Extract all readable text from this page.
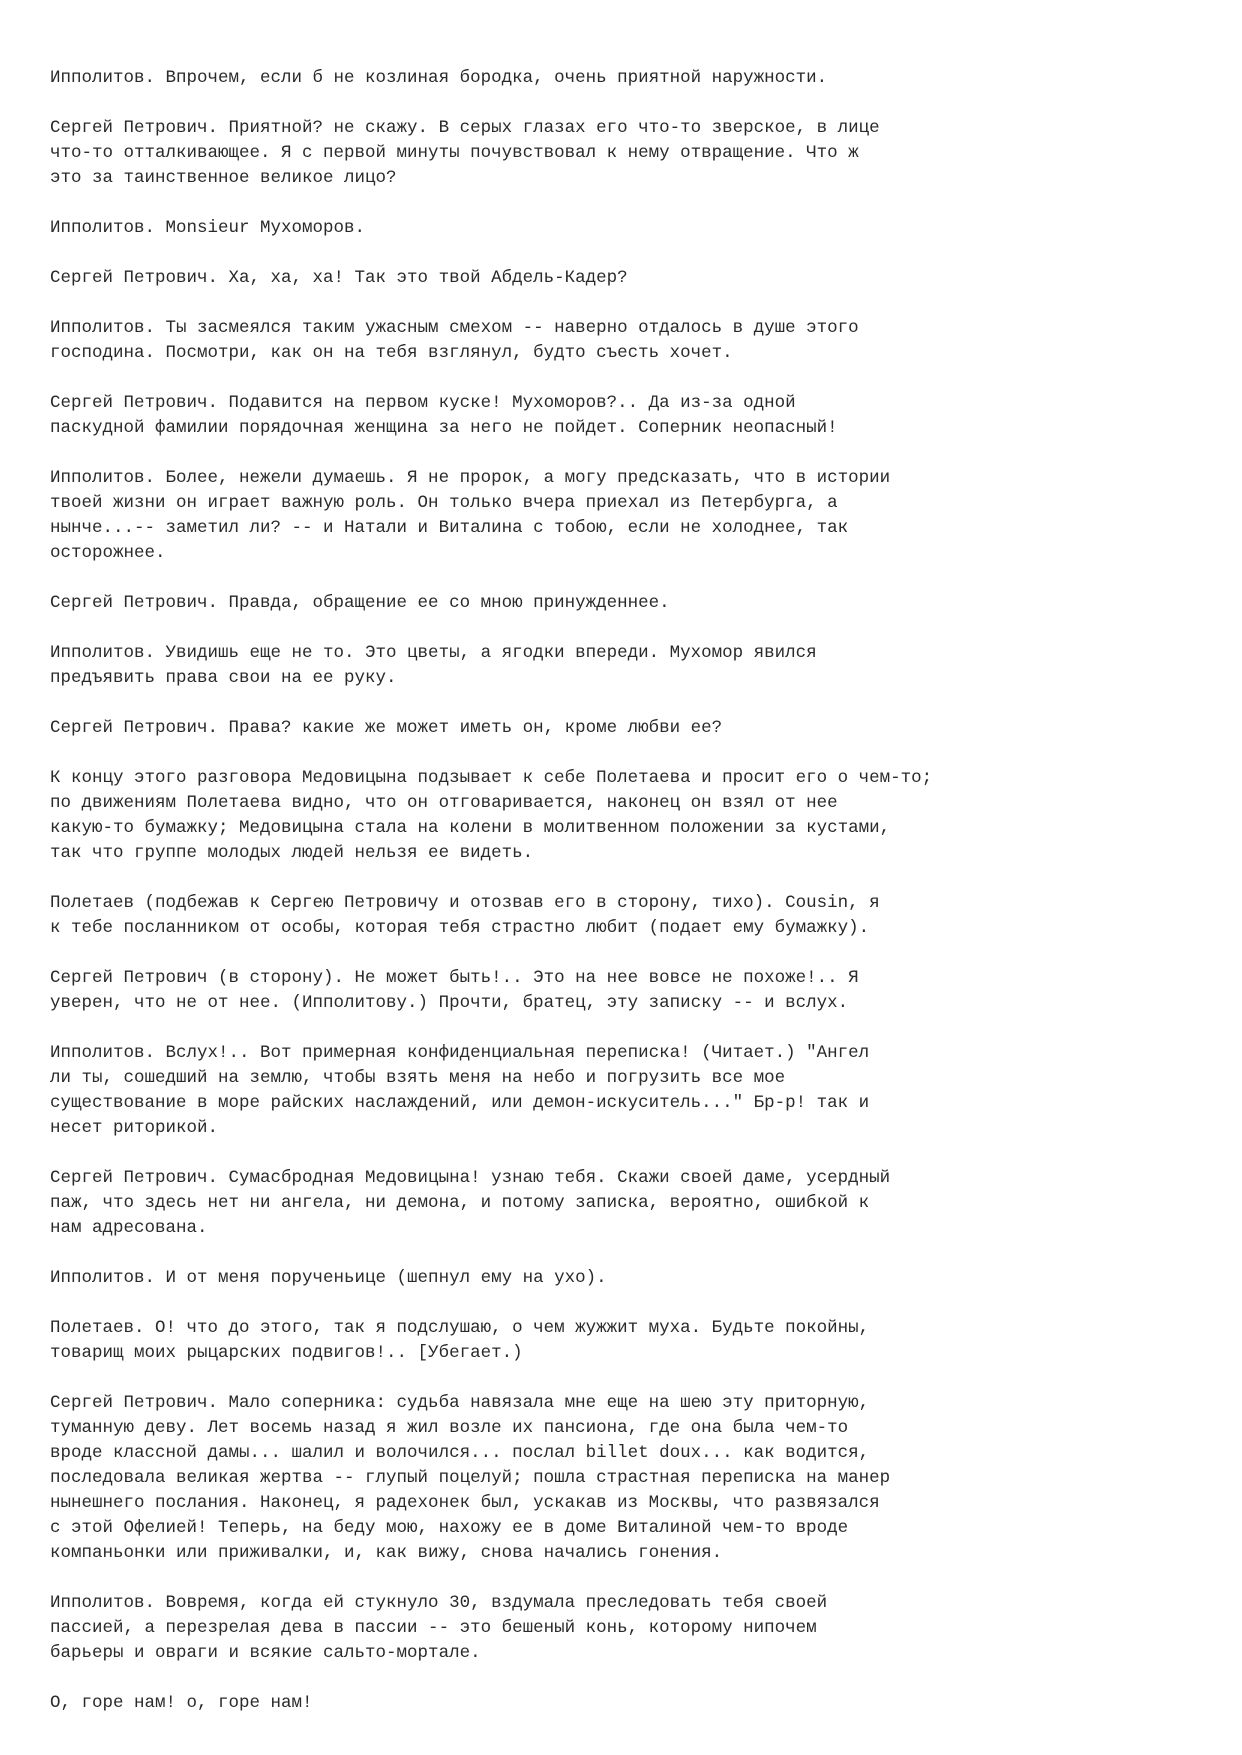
Ипполитов. Впрочем, если б не козлиная бородка, очень приятной наружности.
Сергей Петрович. Приятной? не скажу. В серых глазах его что-то зверское, в лице
что-то отталкивающее. Я с первой минуты почувствовал к нему отвращение. Что ж
это за таинственное великое лицо?
Ипполитов. Monsieur Мухоморов.
Сергей Петрович. Ха, ха, ха! Так это твой Абдель-Кадер?
Ипполитов. Ты засмеялся таким ужасным смехом -- наверно отдалось в душе этого
господина. Посмотри, как он на тебя взглянул, будто съесть хочет.
Сергей Петрович. Подавится на первом куске! Мухоморов?.. Да из-за одной
паскудной фамилии порядочная женщина за него не пойдет. Соперник неопасный!
Ипполитов. Более, нежели думаешь. Я не пророк, а могу предсказать, что в истории
твоей жизни он играет важную роль. Он только вчера приехал из Петербурга, а
нынче...-- заметил ли? -- и Натали и Виталина с тобою, если не холоднее, так
осторожнее.
Сергей Петрович. Правда, обращение ее со мною принужденнее.
Ипполитов. Увидишь еще не то. Это цветы, а ягодки впереди. Мухомор явился
предъявить права свои на ее руку.
Сергей Петрович. Права? какие же может иметь он, кроме любви ее?
К концу этого разговора Медовицына подзывает к себе Полетаева и просит его о чем-то;
по движениям Полетаева видно, что он отговаривается, наконец он взял от нее
какую-то бумажку; Медовицына стала на колени в молитвенном положении за кустами,
так что группе молодых людей нельзя ее видеть.
Полетаев (подбежав к Сергею Петровичу и отозвав его в сторону, тихо). Cousin, я
к тебе посланником от особы, которая тебя страстно любит (подает ему бумажку).
Сергей Петрович (в сторону). Не может быть!.. Это на нее вовсе не похоже!.. Я
уверен, что не от нее. (Ипполитову.) Прочти, братец, эту записку -- и вслух.
Ипполитов. Вслух!.. Вот примерная конфиденциальная переписка! (Читает.) "Ангел
ли ты, сошедший на землю, чтобы взять меня на небо и погрузить все мое
существование в море райских наслаждений, или демон-искуситель..." Бр-р! так и
несет риторикой.
Сергей Петрович. Сумасбродная Медовицына! узнаю тебя. Скажи своей даме, усердный
паж, что здесь нет ни ангела, ни демона, и потому записка, вероятно, ошибкой к
нам адресована.
Ипполитов. И от меня порученьице (шепнул ему на ухо).
Полетаев. О! что до этого, так я подслушаю, о чем жужжит муха. Будьте покойны,
товарищ моих рыцарских подвигов!.. [Убегает.)
Сергей Петрович. Мало соперника: судьба навязала мне еще на шею эту приторную,
туманную деву. Лет восемь назад я жил возле их пансиона, где она была чем-то
вроде классной дамы... шалил и волочился... послал billet doux... как водится,
последовала великая жертва -- глупый поцелуй; пошла страстная переписка на манер
нынешнего послания. Наконец, я радехонек был, ускакав из Москвы, что развязался
с этой Офелией! Теперь, на беду мою, нахожу ее в доме Виталиной чем-то вроде
компаньонки или приживалки, и, как вижу, снова начались гонения.
Ипполитов. Вовремя, когда ей стукнуло 30, вздумала преследовать тебя своей
пассией, а перезрелая дева в пассии -- это бешеный конь, которому нипочем
барьеры и овраги и всякие сальто-мортале.
О, горе нам! о, горе нам!
